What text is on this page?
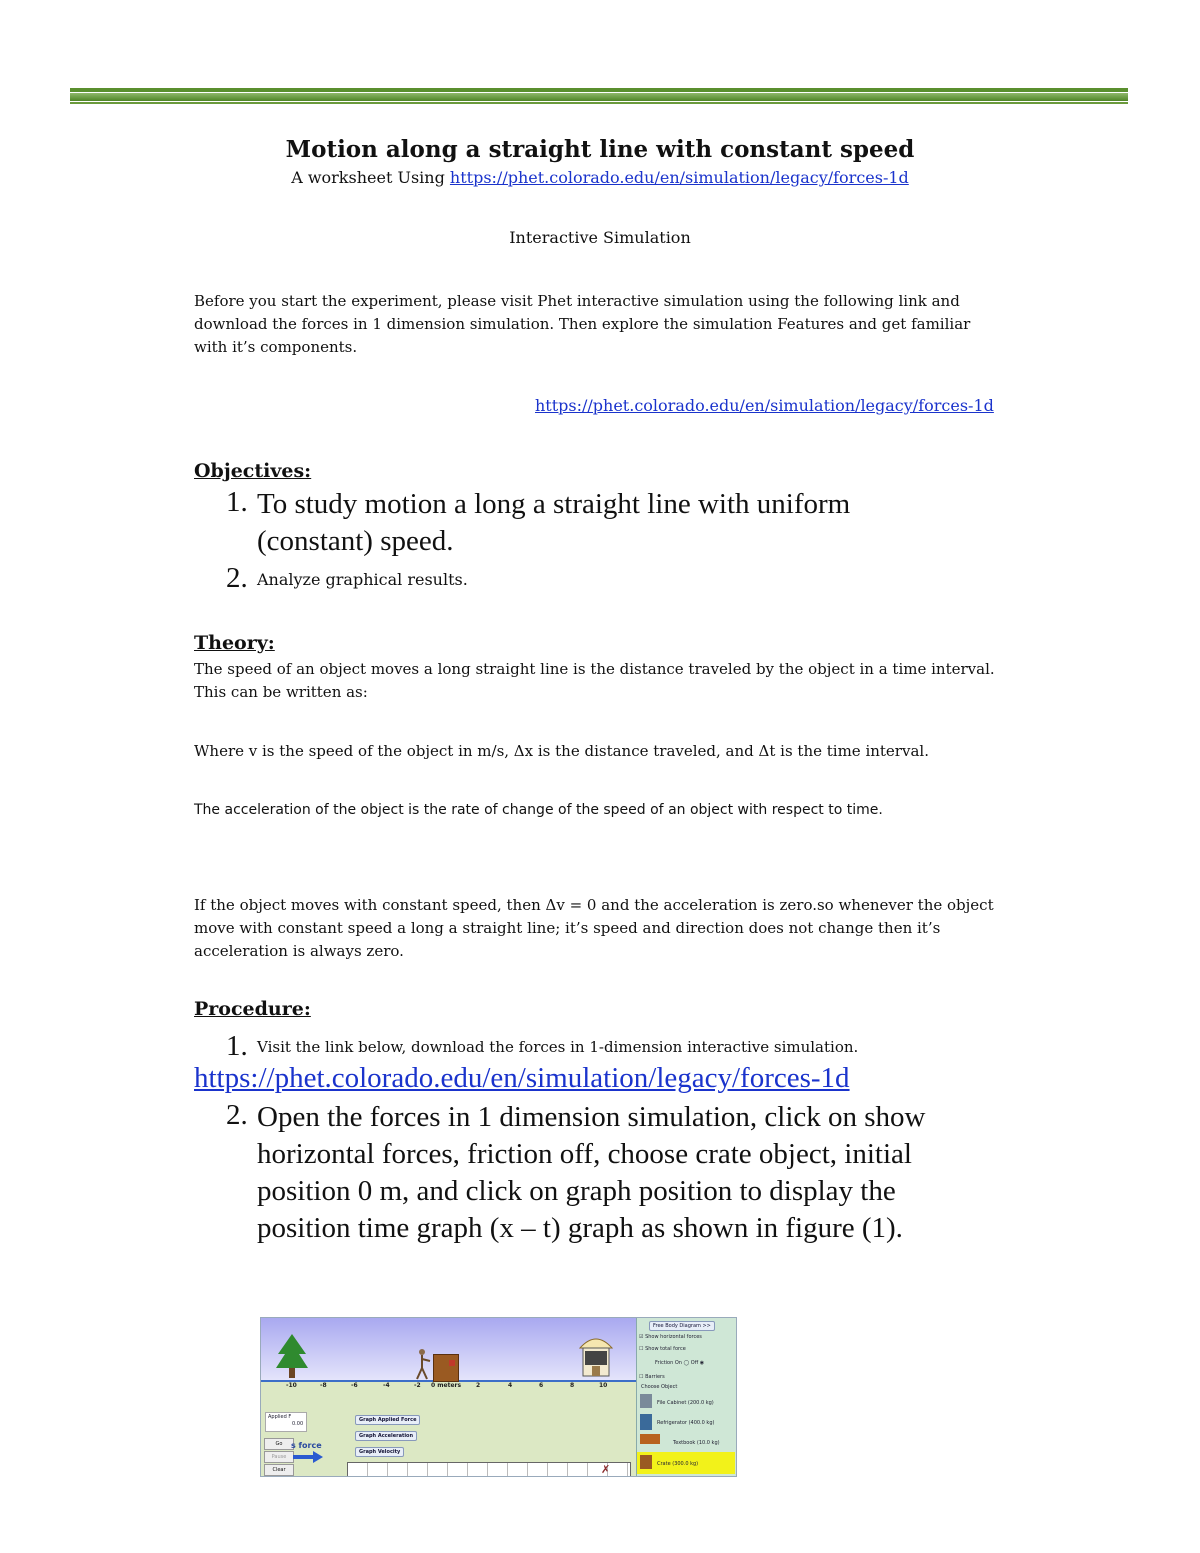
Motion along a straight line with constant speed
A worksheet Using https://phet.colorado.edu/en/simulation/legacy/forces-1d
Interactive Simulation
Before you start the experiment, please visit Phet interactive simulation using the following link and
download the forces in 1 dimension simulation. Then explore the simulation Features and get familiar
with it’s components.
https://phet.colorado.edu/en/simulation/legacy/forces-1d
Objectives:
1. To study motion a long a straight line with uniform
(constant) speed.
2. Analyze graphical results.
Theory:
The speed of an object moves a long straight line is the distance traveled by the object in a time interval.
This can be written as:
Where v is the speed of the object in m/s, Δx is the distance traveled, and Δt is the time interval.
The acceleration of the object is the rate of change of the speed of an object with respect to time.
If the object moves with constant speed, then Δv = 0 and the acceleration is zero.so whenever the object
move with constant speed a long a straight line; it’s speed and direction does not change then it’s
acceleration is always zero.
Procedure:
1. Visit the link below, download the forces in 1-dimension interactive simulation.
https://phet.colorado.edu/en/simulation/legacy/forces-1d
2. Open the forces in 1 dimension simulation, click on show
horizontal forces, friction off, choose crate object, initial
position 0 m, and click on graph position to display the
position time graph (x – t) graph as shown in figure (1).
-10	-8	-6	-4	-2 0 meters 2	4	6	8	10
Applied F
0.00
Go
Pause
Clear
s force
Graph Applied Force
Graph Acceleration
Graph Velocity
✗
Free Body Diagram >>
☑ Show horizontal forces
☐ Show total force
Friction On ◯ Off ◉
☐ Barriers
Choose Object
File Cabinet (200.0 kg)
Refrigerator (400.0 kg)
Textbook (10.0 kg)
Crate (300.0 kg)
